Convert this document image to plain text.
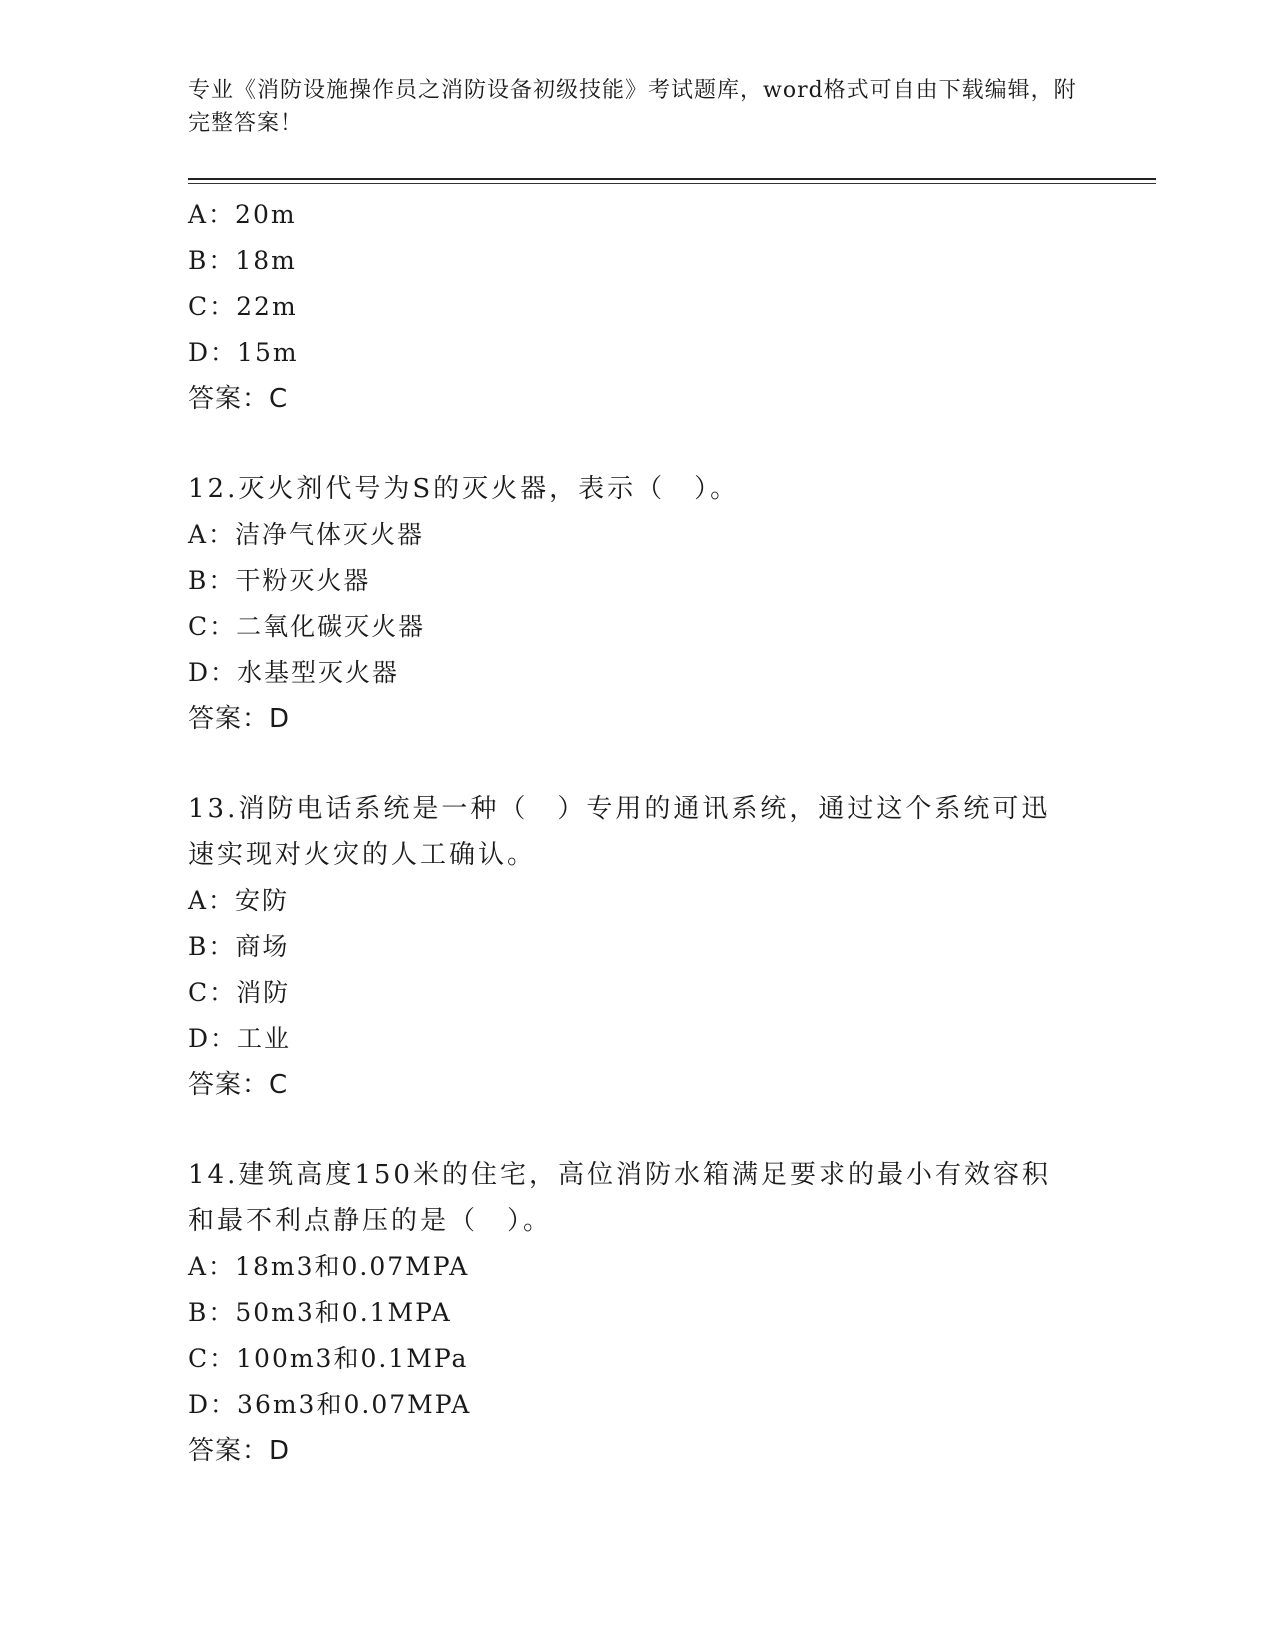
专业《消防设施操作员之消防设备初级技能》考试题库，word格式可自由下载编辑，附完整答案！
A：20m
B：18m
C：22m
D：15m
答案：C
12.灭火剂代号为S的灭火器，表示（　）。
A：洁净气体灭火器
B：干粉灭火器
C：二氧化碳灭火器
D：水基型灭火器
答案：D
13.消防电话系统是一种（　）专用的通讯系统，通过这个系统可迅速实现对火灾的人工确认。
A：安防
B：商场
C：消防
D：工业
答案：C
14.建筑高度150米的住宅，高位消防水箱满足要求的最小有效容积和最不利点静压的是（　）。
A：18m3和0.07MPA
B：50m3和0.1MPA
C：100m3和0.1MPa
D：36m3和0.07MPA
答案：D
